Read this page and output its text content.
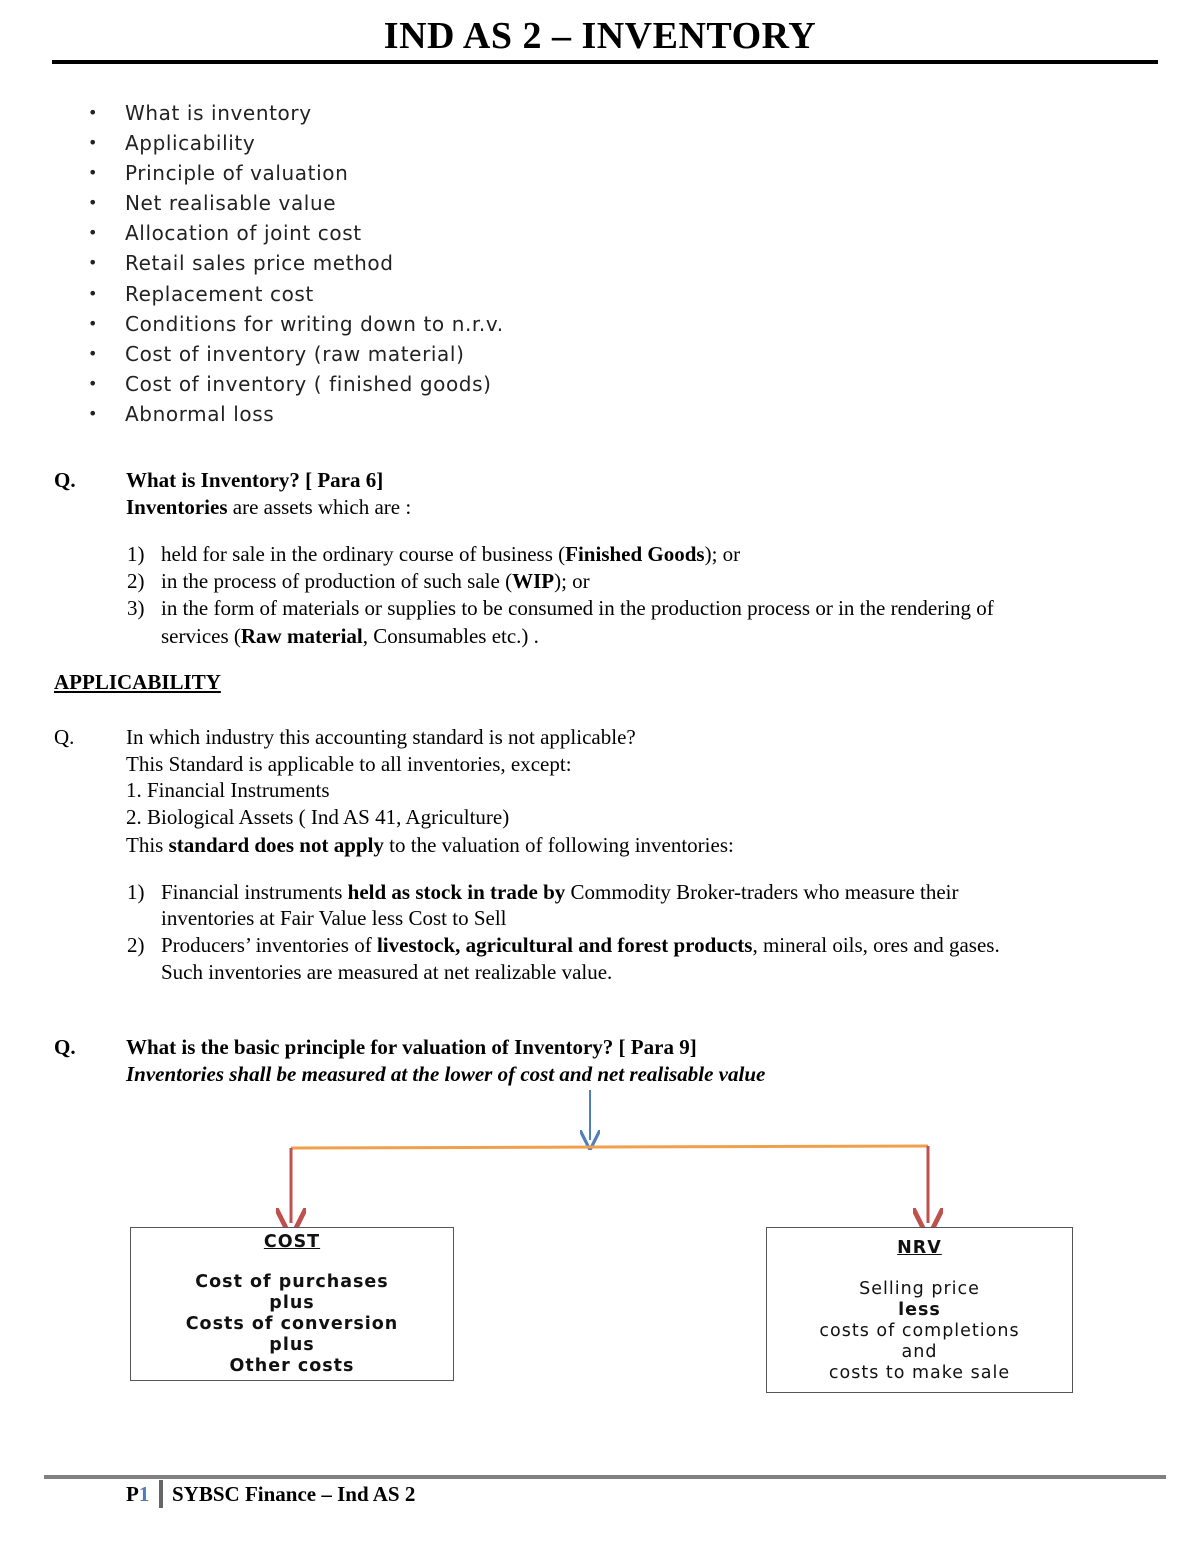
IND AS 2 – INVENTORY
• What is inventory
• Applicability
• Principle of valuation
• Net realisable value
• Allocation of joint cost
• Retail sales price method
• Replacement cost
• Conditions for writing down to n.r.v.
• Cost of inventory (raw material)
• Cost of inventory ( finished goods)
• Abnormal loss
Q. What is Inventory? [ Para 6]
Inventories are assets which are :
1) held for sale in the ordinary course of business (Finished Goods); or
2) in the process of production of such sale (WIP); or
3) in the form of materials or supplies to be consumed in the production process or in the rendering of
services (Raw material, Consumables etc.) .
APPLICABILITY
Q. In which industry this accounting standard is not applicable?
This Standard is applicable to all inventories, except:
1. Financial Instruments
2. Biological Assets ( Ind AS 41, Agriculture)
This standard does not apply to the valuation of following inventories:
1) Financial instruments held as stock in trade by Commodity Broker-traders who measure their
inventories at Fair Value less Cost to Sell
2) Producers’ inventories of livestock, agricultural and forest products, mineral oils, ores and gases.
Such inventories are measured at net realizable value.
Q. What is the basic principle for valuation of Inventory? [ Para 9]
Inventories shall be measured at the lower of cost and net realisable value
COST
Cost of purchases
plus
Costs of conversion
plus
Other costs
NRV
Selling price
less
costs of completions
and
costs to make sale
P1 SYBSC Finance – Ind AS 2
